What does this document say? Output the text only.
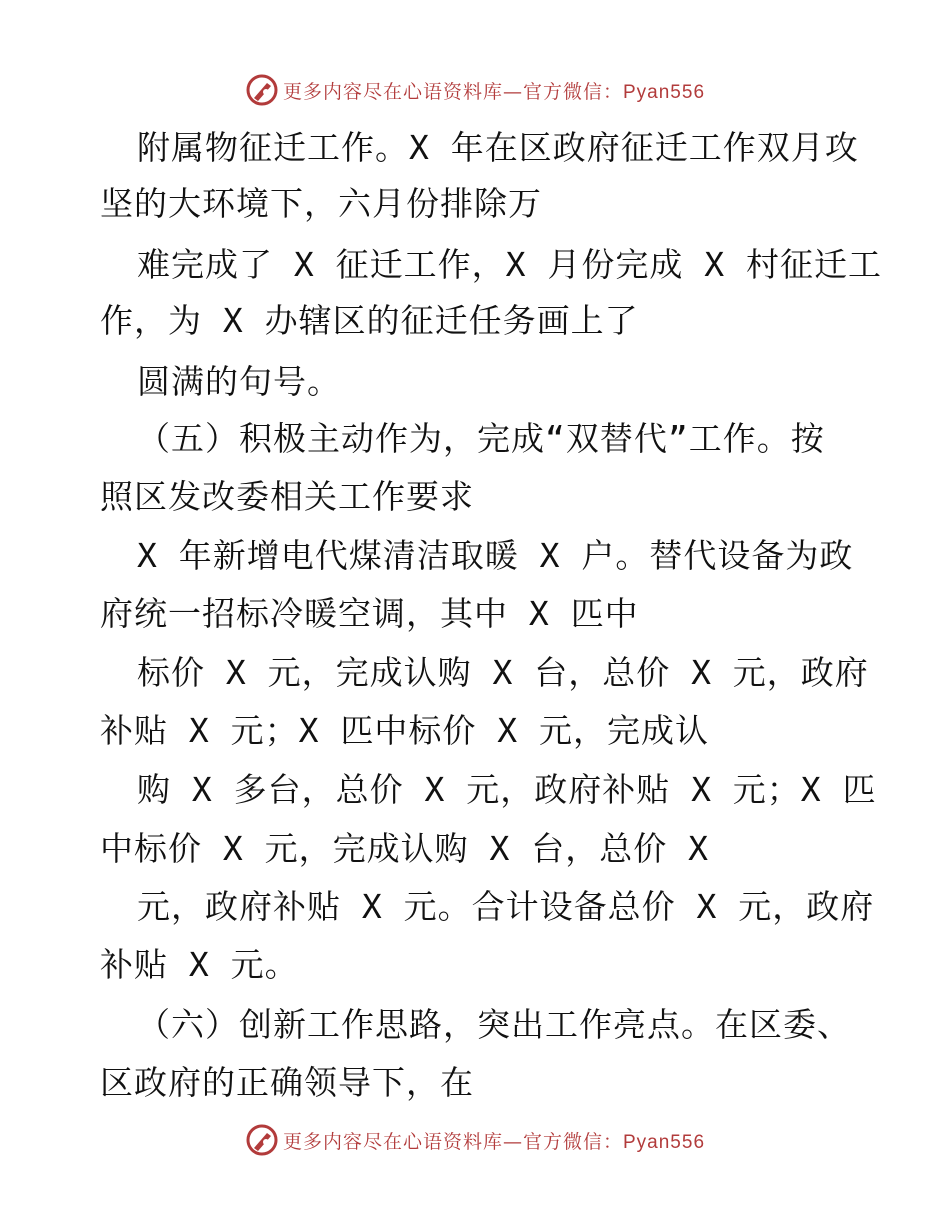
更多内容尽在心语资料库—官方微信：Pyan556
附属物征迁工作。X 年在区政府征迁工作双月攻
坚的大环境下，六月份排除万
难完成了 X 征迁工作，X 月份完成 X 村征迁工
作，为 X 办辖区的征迁任务画上了
圆满的句号。
（五）积极主动作为，完成“双替代”工作。按
照区发改委相关工作要求
X 年新增电代煤清洁取暖 X 户。替代设备为政
府统一招标冷暖空调，其中 X 匹中
标价 X 元，完成认购 X 台，总价 X 元，政府
补贴 X 元；X 匹中标价 X 元，完成认
购 X 多台，总价 X 元，政府补贴 X 元；X 匹
中标价 X 元，完成认购 X 台，总价 X
元，政府补贴 X 元。合计设备总价 X 元，政府
补贴 X 元。
（六）创新工作思路，突出工作亮点。在区委、
区政府的正确领导下，在
更多内容尽在心语资料库—官方微信：Pyan556
